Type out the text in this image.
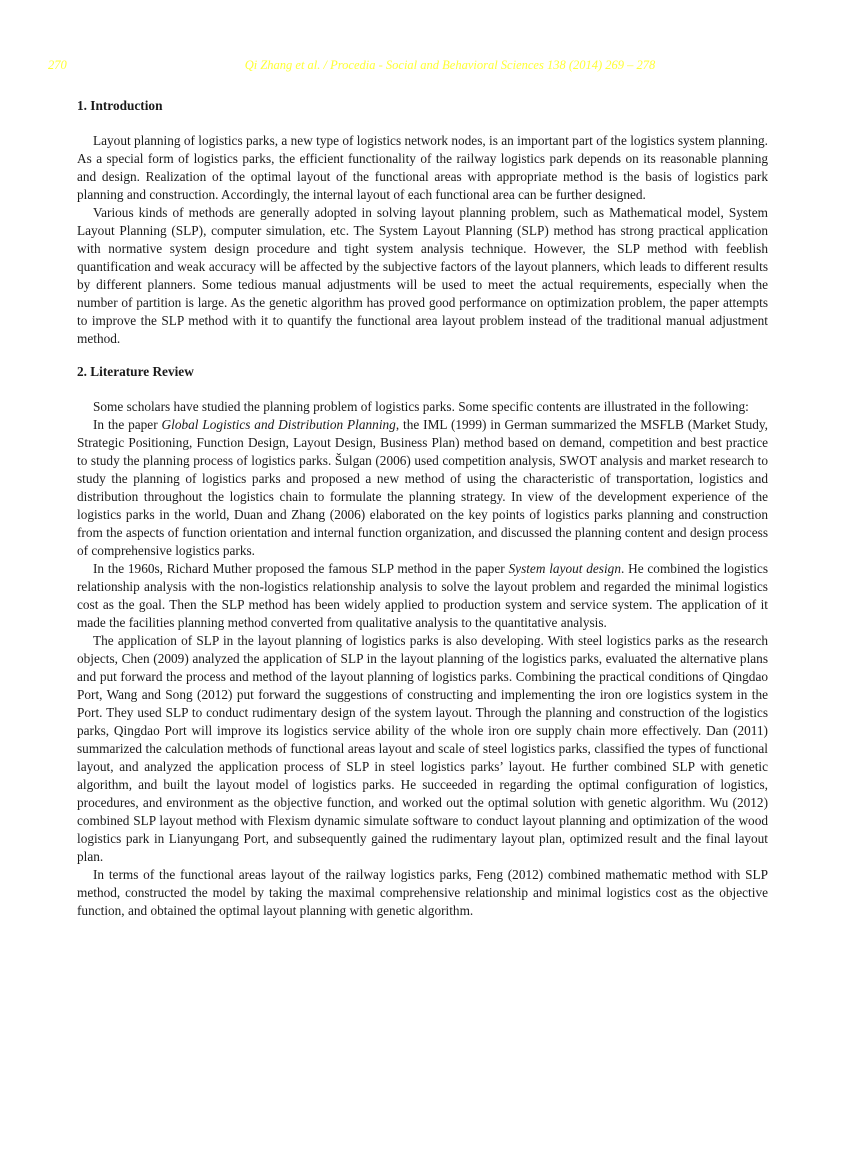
270	Qi Zhang et al. / Procedia - Social and Behavioral Sciences 138 (2014) 269 – 278
1. Introduction

Layout planning of logistics parks, a new type of logistics network nodes, is an important part of the logistics system planning. As a special form of logistics parks, the efficient functionality of the railway logistics park depends on its reasonable planning and design. Realization of the optimal layout of the functional areas with appropriate method is the basis of logistics park planning and construction. Accordingly, the internal layout of each functional area can be further designed.

Various kinds of methods are generally adopted in solving layout planning problem, such as Mathematical model, System Layout Planning (SLP), computer simulation, etc. The System Layout Planning (SLP) method has strong practical application with normative system design procedure and tight system analysis technique. However, the SLP method with feeblish quantification and weak accuracy will be affected by the subjective factors of the layout planners, which leads to different results by different planners. Some tedious manual adjustments will be used to meet the actual requirements, especially when the number of partition is large. As the genetic algorithm has proved good performance on optimization problem, the paper attempts to improve the SLP method with it to quantify the functional area layout problem instead of the traditional manual adjustment method.

2. Literature Review

Some scholars have studied the planning problem of logistics parks. Some specific contents are illustrated in the following:

In the paper Global Logistics and Distribution Planning, the IML (1999) in German summarized the MSFLB (Market Study, Strategic Positioning, Function Design, Layout Design, Business Plan) method based on demand, competition and best practice to study the planning process of logistics parks. Šulgan (2006) used competition analysis, SWOT analysis and market research to study the planning of logistics parks and proposed a new method of using the characteristic of transportation, logistics and distribution throughout the logistics chain to formulate the planning strategy. In view of the development experience of the logistics parks in the world, Duan and Zhang (2006) elaborated on the key points of logistics parks planning and construction from the aspects of function orientation and internal function organization, and discussed the planning content and design process of comprehensive logistics parks.

In the 1960s, Richard Muther proposed the famous SLP method in the paper System layout design. He combined the logistics relationship analysis with the non-logistics relationship analysis to solve the layout problem and regarded the minimal logistics cost as the goal. Then the SLP method has been widely applied to production system and service system. The application of it made the facilities planning method converted from qualitative analysis to the quantitative analysis.

The application of SLP in the layout planning of logistics parks is also developing. With steel logistics parks as the research objects, Chen (2009) analyzed the application of SLP in the layout planning of the logistics parks, evaluated the alternative plans and put forward the process and method of the layout planning of logistics parks. Combining the practical conditions of Qingdao Port, Wang and Song (2012) put forward the suggestions of constructing and implementing the iron ore logistics system in the Port. They used SLP to conduct rudimentary design of the system layout. Through the planning and construction of the logistics parks, Qingdao Port will improve its logistics service ability of the whole iron ore supply chain more effectively. Dan (2011) summarized the calculation methods of functional areas layout and scale of steel logistics parks, classified the types of functional layout, and analyzed the application process of SLP in steel logistics parks’ layout. He further combined SLP with genetic algorithm, and built the layout model of logistics parks. He succeeded in regarding the optimal configuration of logistics, procedures, and environment as the objective function, and worked out the optimal solution with genetic algorithm. Wu (2012) combined SLP layout method with Flexism dynamic simulate software to conduct layout planning and optimization of the wood logistics park in Lianyungang Port, and subsequently gained the rudimentary layout plan, optimized result and the final layout plan.

In terms of the functional areas layout of the railway logistics parks, Feng (2012) combined mathematic method with SLP method, constructed the model by taking the maximal comprehensive relationship and minimal logistics cost as the objective function, and obtained the optimal layout planning with genetic algorithm.
